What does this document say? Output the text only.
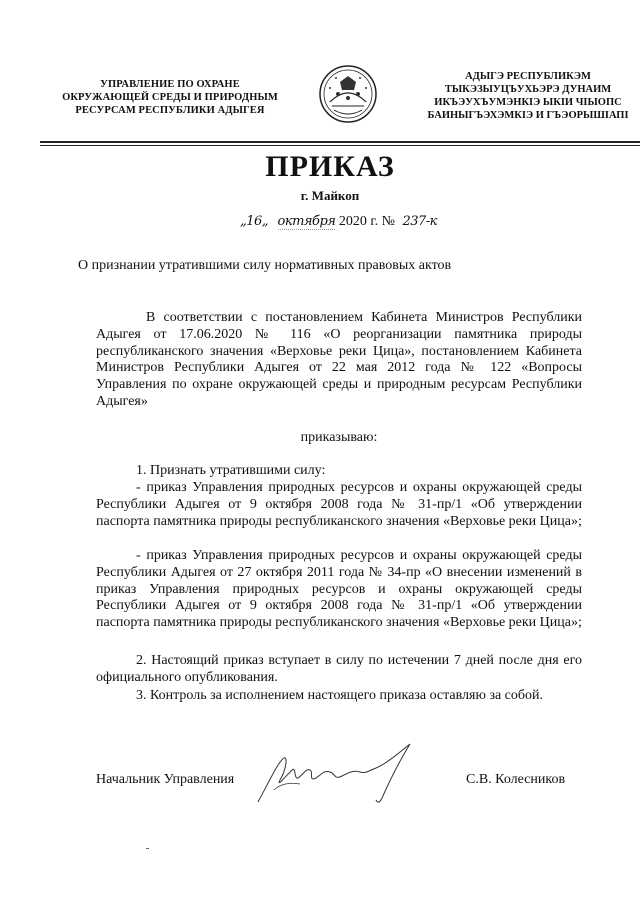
УПРАВЛЕНИЕ ПО ОХРАНЕ
ОКРУЖАЮЩЕЙ СРЕДЫ И ПРИРОДНЫМ
РЕСУРСАМ РЕСПУБЛИКИ АДЫГЕЯ
АДЫГЭ РЕСПУБЛИКЭМ
ТЫКЭЗЫУЦЪУХЬЭРЭ ДУНАИМ
ИКЪЭУХЪУМЭНКIЭ ЫКIИ ЧIЫОПС
БАИНЫГЪЭХЭМКIЭ И ГЪЭОРЫШIАПI
ПРИКАЗ
г. Майкоп
„16„ октября 2020 г. № 237-к
О признании утратившими силу нормативных правовых актов
В соответствии с постановлением Кабинета Министров Республики Адыгея от 17.06.2020 № 116 «О реорганизации памятника природы республиканского значения «Верховье реки Цица», постановлением Кабинета Министров Республики Адыгея от 22 мая 2012 года № 122 «Вопросы Управления по охране окружающей среды и природным ресурсам Республики Адыгея»
приказываю:
1. Признать утратившими силу:
- приказ Управления природных ресурсов и охраны окружающей среды Республики Адыгея от 9 октября 2008 года № 31-пр/1 «Об утверждении паспорта памятника природы республиканского значения «Верховье реки Цица»;
- приказ Управления природных ресурсов и охраны окружающей среды Республики Адыгея от 27 октября 2011 года № 34-пр «О внесении изменений в приказ Управления природных ресурсов и охраны окружающей среды Республики Адыгея от 9 октября 2008 года № 31-пр/1 «Об утверждении паспорта памятника природы республиканского значения «Верховье реки Цица»;
2. Настоящий приказ вступает в силу по истечении 7 дней после дня его официального опубликования.
3. Контроль за исполнением настоящего приказа оставляю за собой.
Начальник Управления	С.В. Колесников
